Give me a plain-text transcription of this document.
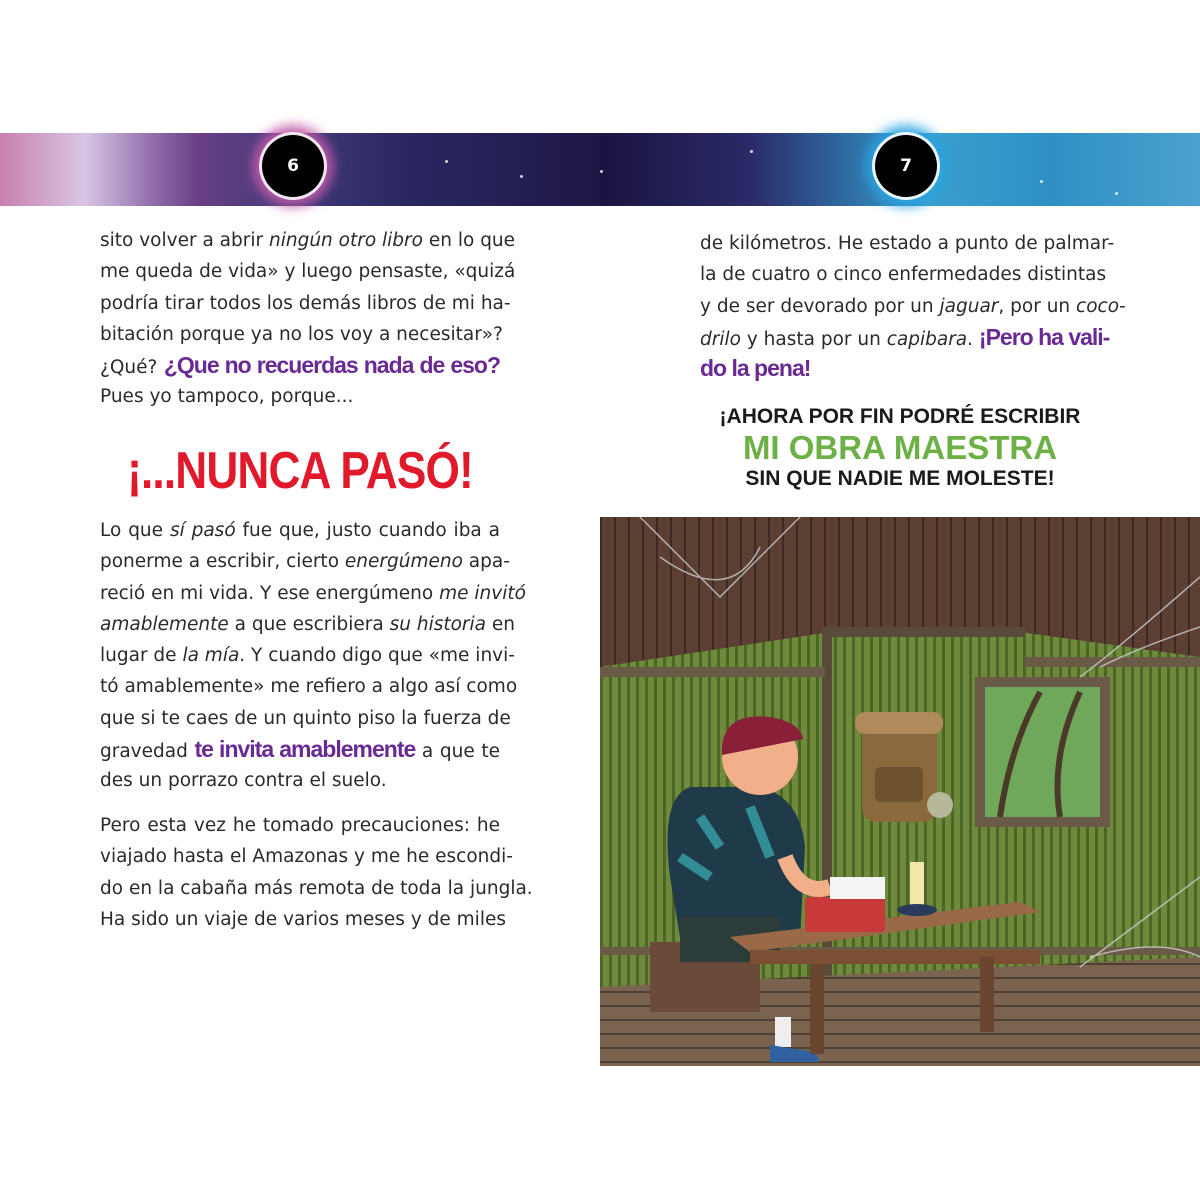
6	7
sito volver a abrir ningún otro libro en lo que
me queda de vida» y luego pensaste, «quizá
podría tirar todos los demás libros de mi ha-
bitación porque ya no los voy a necesitar»?
¿Qué? ¿Que no recuerdas nada de eso?
Pues yo tampoco, porque...
¡...NUNCA PASÓ!
Lo que sí pasó fue que, justo cuando iba a
ponerme a escribir, cierto energúmeno apa-
reció en mi vida. Y ese energúmeno me invitó
amablemente a que escribiera su historia en
lugar de la mía. Y cuando digo que «me invi-
tó amablemente» me refiero a algo así como
que si te caes de un quinto piso la fuerza de
gravedad te invita amablemente a que te
des un porrazo contra el suelo.
Pero esta vez he tomado precauciones: he
viajado hasta el Amazonas y me he escondi-
do en la cabaña más remota de toda la jungla.
Ha sido un viaje de varios meses y de miles
de kilómetros. He estado a punto de palmar-
la de cuatro o cinco enfermedades distintas
y de ser devorado por un jaguar, por un coco-
drilo y hasta por un capibara. ¡Pero ha vali-
do la pena!
¡AHORA POR FIN PODRÉ ESCRIBIR
MI OBRA MAESTRA
SIN QUE NADIE ME MOLESTE!
